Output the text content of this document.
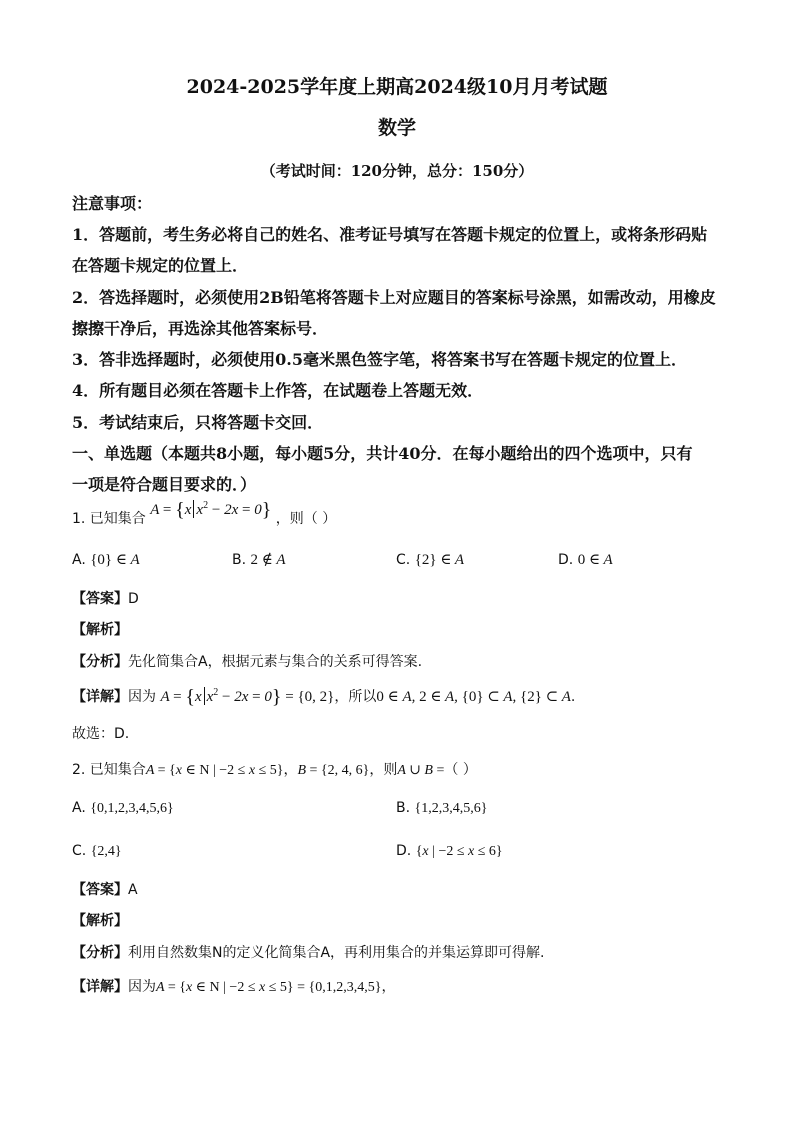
2024-2025学年度上期高2024级10月月考试题
数学
（考试时间：120分钟，总分：150分）
注意事项：
1．答题前，考生务必将自己的姓名、准考证号填写在答题卡规定的位置上，或将条形码贴
在答题卡规定的位置上．
2．答选择题时，必须使用2B铅笔将答题卡上对应题目的答案标号涂黑，如需改动，用橡皮
擦擦干净后，再选涂其他答案标号．
3．答非选择题时，必须使用0.5毫米黑色签字笔，将答案书写在答题卡规定的位置上．
4．所有题目必须在答题卡上作答，在试题卷上答题无效．
5．考试结束后，只将答题卡交回．
一、单选题（本题共8小题，每小题5分，共计40分．在每小题给出的四个选项中，只有
一项是符合题目要求的．）
1. 已知集合 A = {x $x^2 - 2x = 0$} ，则（ ）
A. {0} ∈ A	B. 2 ∉ A	C. {2} ∈ A	D. 0 ∈ A
【答案】D
【解析】
【分析】先化简集合A，根据元素与集合的关系可得答案.
【详解】因为 A = {x $x^2 - 2x = 0\} = \{0$, 2}，所以0 ∈ A, 2 ∈ A, {0} ⊂ A, {2} ⊂ A.
故选：D.
2. 已知集合A = {x ∈ N | −2 ≤ x ≤ 5}，B = {2, 4, 6}，则A ∪ B =（ ）
A. {0,1,2,3,4,5,6}	B. {1,2,3,4,5,6}
C. {2,4}	D. {x | −2 ≤ x ≤ 6}
【答案】A
【解析】
【分析】利用自然数集N的定义化简集合A，再利用集合的并集运算即可得解.
【详解】因为A = {x ∈ N | −2 ≤ x ≤ 5} = {0,1,2,3,4,5}，
